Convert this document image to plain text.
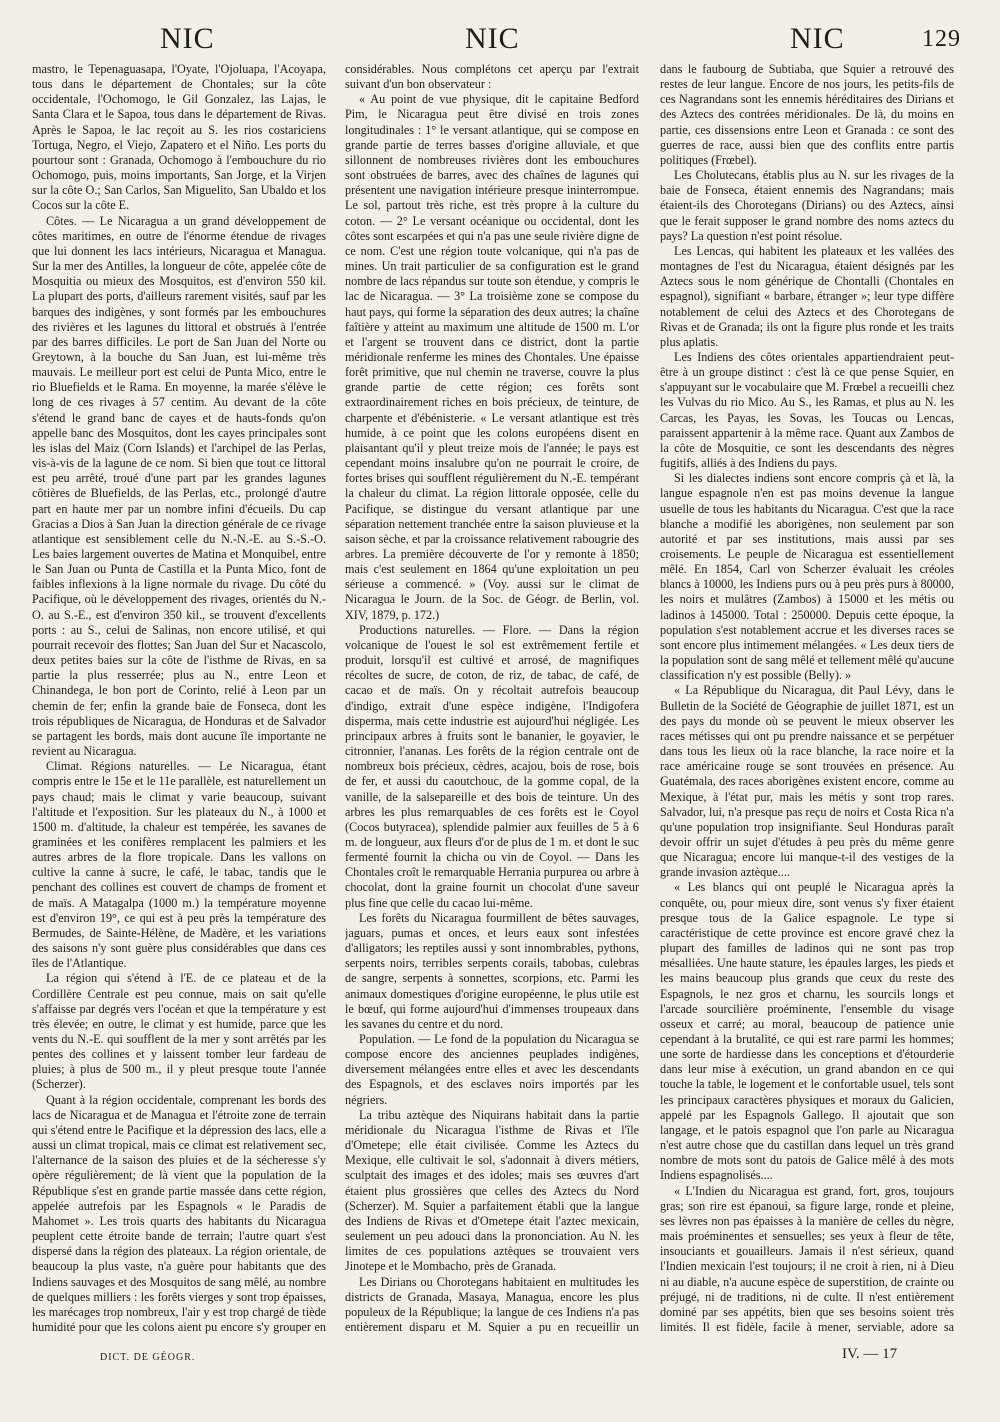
NIC	NIC	NIC	129

mastro, le Tepenaguasapa, l'Oyate, l'Ojoluapa, l'Acoyapa, tous dans le département de Chontales; sur la côte occidentale, l'Ochomogo, le Gil Gonzalez, las Lajas, le Santa Clara et le Sapoa, tous dans le département de Rivas. Après le Sapoa, le lac reçoit au S. les rios costariciens Tortuga, Negro, el Viejo, Zapatero et el Niño. Les ports du pourtour sont : Granada, Ochomogo à l'embouchure du rio Ochomogo, puis, moins importants, San Jorge, et la Virjen sur la côte O.; San Carlos, San Miguelito, San Ubaldo et los Cocos sur la côte E.

Côtes. — Le Nicaragua a un grand développement de côtes maritimes, en outre de l'énorme étendue de rivages que lui donnent les lacs intérieurs, Nicaragua et Managua. Sur la mer des Antilles, la longueur de côte, appelée côte de Mosquitia ou mieux des Mosquitos, est d'environ 550 kil. La plupart des ports, d'ailleurs rarement visités, sauf par les barques des indigènes, y sont formés par les embouchures des rivières et les lagunes du littoral et obstrués à l'entrée par des barres difficiles. Le port de San Juan del Norte ou Greytown, à la bouche du San Juan, est lui-même très mauvais. Le meilleur port est celui de Punta Mico, entre le rio Bluefields et le Rama. En moyenne, la marée s'élève le long de ces rivages à 57 centim. Au devant de la côte s'étend le grand banc de cayes et de hauts-fonds qu'on appelle banc des Mosquitos, dont les cayes principales sont les islas del Maiz (Corn Islands) et l'archipel de las Perlas, vis-à-vis de la lagune de ce nom. Si bien que tout ce littoral est peu arrêté, troué d'une part par les grandes lagunes côtières de Bluefields, de las Perlas, etc., prolongé d'autre part en haute mer par un nombre infini d'écueils. Du cap Gracias a Dios à San Juan la direction générale de ce rivage atlantique est sensiblement celle du N.-N.-E. au S.-S.-O. Les baies largement ouvertes de Matina et Monquibel, entre le San Juan ou Punta de Castilla et la Punta Mico, font de faibles inflexions à la ligne normale du rivage. Du côté du Pacifique, où le développement des rivages, orientés du N.-O. au S.-E., est d'environ 350 kil., se trouvent d'excellents ports : au S., celui de Salinas, non encore utilisé, et qui pourrait recevoir des flottes; San Juan del Sur et Nacascolo, deux petites baies sur la côte de l'isthme de Rivas, en sa partie la plus resserrée; plus au N., entre Leon et Chinandega, le bon port de Corinto, relié à Leon par un chemin de fer; enfin la grande baie de Fonseca, dont les trois républiques de Nicaragua, de Honduras et de Salvador se partagent les bords, mais dont aucune île importante ne revient au Nicaragua.

Climat. Régions naturelles. — Le Nicaragua, étant compris entre le 15e et le 11e parallèle, est naturellement un pays chaud; mais le climat y varie beaucoup, suivant l'altitude et l'exposition. Sur les plateaux du N., à 1000 et 1500 m. d'altitude, la chaleur est tempérée, les savanes de graminées et les conifères remplacent les palmiers et les autres arbres de la flore tropicale. Dans les vallons on cultive la canne à sucre, le café, le tabac, tandis que le penchant des collines est couvert de champs de froment et de maïs. A Matagalpa (1000 m.) la température moyenne est d'environ 19°, ce qui est à peu près la température des Bermudes, de Sainte-Hélène, de Madère, et les variations des saisons n'y sont guère plus considérables que dans ces îles de l'Atlantique.

La région qui s'étend à l'E. de ce plateau et de la Cordillère Centrale est peu connue, mais on sait qu'elle s'affaisse par degrés vers l'océan et que la température y est très élevée; en outre, le climat y est humide, parce que les vents du N.-E. qui soufflent de la mer y sont arrêtés par les pentes des collines et y laissent tomber leur fardeau de pluies; à plus de 500 m., il y pleut presque toute l'année (Scherzer).

Quant à la région occidentale, comprenant les bords des lacs de Nicaragua et de Managua et l'étroite zone de terrain qui s'étend entre le Pacifique et la dépression des lacs, elle a aussi un climat tropical, mais ce climat est relativement sec, l'alternance de la saison des pluies et de la sécheresse s'y opère régulièrement; de là vient que la population de la République s'est en grande partie massée dans cette région, appelée autrefois par les Espagnols « le Paradis de Mahomet ». Les trois quarts des habitants du Nicaragua peuplent cette étroite bande de terrain; l'autre quart s'est dispersé dans la région des plateaux. La région orientale, de beaucoup la plus vaste, n'a guère pour habitants que des Indiens sauvages et des Mosquitos de sang mêlé, au nombre de quelques milliers : les forêts vierges y sont trop épaisses, les marécages trop nombreux, l'air y est trop chargé de tiède humidité pour que les colons aient pu encore s'y grouper en

considérables. Nous complétons cet aperçu par l'extrait suivant d'un bon observateur :

« Au point de vue physique, dit le capitaine Bedford Pim, le Nicaragua peut être divisé en trois zones longitudinales : 1° le versant atlantique, qui se compose en grande partie de terres basses d'origine alluviale, et que sillonnent de nombreuses rivières dont les embouchures sont obstruées de barres, avec des chaînes de lagunes qui présentent une navigation intérieure presque ininterrompue. Le sol, partout très riche, est très propre à la culture du coton. — 2° Le versant océanique ou occidental, dont les côtes sont escarpées et qui n'a pas une seule rivière digne de ce nom. C'est une région toute volcanique, qui n'a pas de mines. Un trait particulier de sa configuration est le grand nombre de lacs répandus sur toute son étendue, y compris le lac de Nicaragua. — 3° La troisième zone se compose du haut pays, qui forme la séparation des deux autres; la chaîne faîtière y atteint au maximum une altitude de 1500 m. L'or et l'argent se trouvent dans ce district, dont la partie méridionale renferme les mines des Chontales. Une épaisse forêt primitive, que nul chemin ne traverse, couvre la plus grande partie de cette région; ces forêts sont extraordinairement riches en bois précieux, de teinture, de charpente et d'ébénisterie. « Le versant atlantique est très humide, à ce point que les colons européens disent en plaisantant qu'il y pleut treize mois de l'année; le pays est cependant moins insalubre qu'on ne pourrait le croire, de fortes brises qui soufflent régulièrement du N.-E. tempérant la chaleur du climat. La région littorale opposée, celle du Pacifique, se distingue du versant atlantique par une séparation nettement tranchée entre la saison pluvieuse et la saison sèche, et par la croissance relativement rabougrie des arbres. La première découverte de l'or y remonte à 1850; mais c'est seulement en 1864 qu'une exploitation un peu sérieuse a commencé. » (Voy. aussi sur le climat de Nicaragua le Journ. de la Soc. de Géogr. de Berlin, vol. XIV, 1879, p. 172.)

Productions naturelles. — Flore. — Dans la région volcanique de l'ouest le sol est extrêmement fertile et produit, lorsqu'il est cultivé et arrosé, de magnifiques récoltes de sucre, de coton, de riz, de tabac, de café, de cacao et de maïs. On y récoltait autrefois beaucoup d'indigo, extrait d'une espèce indigène, l'Indigofera disperma, mais cette industrie est aujourd'hui négligée. Les principaux arbres à fruits sont le bananier, le goyavier, le citronnier, l'ananas. Les forêts de la région centrale ont de nombreux bois précieux, cèdres, acajou, bois de rose, bois de fer, et aussi du caoutchouc, de la gomme copal, de la vanille, de la salsepareille et des bois de teinture. Un des arbres les plus remarquables de ces forêts est le Coyol (Cocos butyracea), splendide palmier aux feuilles de 5 à 6 m. de longueur, aux fleurs d'or de plus de 1 m. et dont le suc fermenté fournit la chicha ou vin de Coyol. — Dans les Chontales croît le remarquable Herrania purpurea ou arbre à chocolat, dont la graine fournit un chocolat d'une saveur plus fine que celle du cacao lui-même.

Les forêts du Nicaragua fourmillent de bêtes sauvages, jaguars, pumas et onces, et leurs eaux sont infestées d'alligators; les reptiles aussi y sont innombrables, pythons, serpents noirs, terribles serpents corails, tabobas, culebras de sangre, serpents à sonnettes, scorpions, etc. Parmi les animaux domestiques d'origine européenne, le plus utile est le bœuf, qui forme aujourd'hui d'immenses troupeaux dans les savanes du centre et du nord.

Population. — Le fond de la population du Nicaragua se compose encore des anciennes peuplades indigènes, diversement mélangées entre elles et avec les descendants des Espagnols, et des esclaves noirs importés par les négriers.

La tribu aztèque des Niquirans habitait dans la partie méridionale du Nicaragua l'isthme de Rivas et l'île d'Ometepe; elle était civilisée. Comme les Aztecs du Mexique, elle cultivait le sol, s'adonnait à divers métiers, sculptait des images et des idoles; mais ses œuvres d'art étaient plus grossières que celles des Aztecs du Nord (Scherzer). M. Squier a parfaitement établi que la langue des Indiens de Rivas et d'Ometepe était l'aztec mexicain, seulement un peu adouci dans la prononciation. Au N. les limites de ces populations aztèques se trouvaient vers Jinotepe et le Mombacho, près de Granada.

Les Dirians ou Chorotegans habitaient en multitudes les districts de Granada, Masaya, Managua, encore les plus populeux de la République; la langue de ces Indiens n'a pas entièrement disparu et M. Squier a pu en recueillir un

dans le faubourg de Subtiaba, que Squier a retrouvé des restes de leur langue. Encore de nos jours, les petits-fils de ces Nagrandans sont les ennemis héréditaires des Dirians et des Aztecs des contrées méridionales. De là, du moins en partie, ces dissensions entre Leon et Granada : ce sont des guerres de race, aussi bien que des conflits entre partis politiques (Frœbel).

Les Cholutecans, établis plus au N. sur les rivages de la baie de Fonseca, étaient ennemis des Nagrandans; mais étaient-ils des Chorotegans (Dirians) ou des Aztecs, ainsi que le ferait supposer le grand nombre des noms aztecs du pays? La question n'est point résolue.

Les Lencas, qui habitent les plateaux et les vallées des montagnes de l'est du Nicaragua, étaient désignés par les Aztecs sous le nom générique de Chontalli (Chontales en espagnol), signifiant « barbare, étranger »; leur type diffère notablement de celui des Aztecs et des Chorotegans de Rivas et de Granada; ils ont la figure plus ronde et les traits plus aplatis.

Les Indiens des côtes orientales appartiendraient peut-être à un groupe distinct : c'est là ce que pense Squier, en s'appuyant sur le vocabulaire que M. Frœbel a recueilli chez les Vulvas du rio Mico. Au S., les Ramas, et plus au N. les Carcas, les Payas, les Sovas, les Toucas ou Lencas, paraissent appartenir à la même race. Quant aux Zambos de la côte de Mosquitie, ce sont les descendants des nègres fugitifs, alliés à des Indiens du pays.

Si les dialectes indiens sont encore compris çà et là, la langue espagnole n'en est pas moins devenue la langue usuelle de tous les habitants du Nicaragua. C'est que la race blanche a modifié les aborigènes, non seulement par son autorité et par ses institutions, mais aussi par ses croisements. Le peuple de Nicaragua est essentiellement mêlé. En 1854, Carl von Scherzer évaluait les créoles blancs à 10000, les Indiens purs ou à peu près purs à 80000, les noirs et mulâtres (Zambos) à 15000 et les métis ou ladinos à 145000. Total : 250000. Depuis cette époque, la population s'est notablement accrue et les diverses races se sont encore plus intimement mélangées. « Les deux tiers de la population sont de sang mêlé et tellement mêlé qu'aucune classification n'y est possible (Belly). »

« La République du Nicaragua, dit Paul Lévy, dans le Bulletin de la Société de Géographie de juillet 1871, est un des pays du monde où se peuvent le mieux observer les races métisses qui ont pu prendre naissance et se perpétuer dans tous les lieux où la race blanche, la race noire et la race américaine rouge se sont trouvées en présence. Au Guatémala, des races aborigènes existent encore, comme au Mexique, à l'état pur, mais les métis y sont trop rares. Salvador, lui, n'a presque pas reçu de noirs et Costa Rica n'a qu'une population trop insignifiante. Seul Honduras paraît devoir offrir un sujet d'études à peu près du même genre que Nicaragua; encore lui manque-t-il des vestiges de la grande invasion aztèque....

« Les blancs qui ont peuplé le Nicaragua après la conquête, ou, pour mieux dire, sont venus s'y fixer étaient presque tous de la Galice espagnole. Le type si caractéristique de cette province est encore gravé chez la plupart des familles de ladinos qui ne sont pas trop mésalliées. Une haute stature, les épaules larges, les pieds et les mains beaucoup plus grands que ceux du reste des Espagnols, le nez gros et charnu, les sourcils longs et l'arcade sourcilière proéminente, l'ensemble du visage osseux et carré; au moral, beaucoup de patience unie cependant à la brutalité, ce qui est rare parmi les hommes; une sorte de hardiesse dans les conceptions et d'étourderie dans leur mise à exécution, un grand abandon en ce qui touche la table, le logement et le confortable usuel, tels sont les principaux caractères physiques et moraux du Galicien, appelé par les Espagnols Gallego. Il ajoutait que son langage, et le patois espagnol que l'on parle au Nicaragua n'est autre chose que du castillan dans lequel un très grand nombre de mots sont du patois de Galice mêlé à des mots Indiens espagnolisés....

« L'Indien du Nicaragua est grand, fort, gros, toujours gras; son rire est épanoui, sa figure large, ronde et pleine, ses lèvres non pas épaisses à la manière de celles du nègre, mais proéminentes et sensuelles; ses yeux à fleur de tête, insouciants et gouailleurs. Jamais il n'est sérieux, quand l'Indien mexicain l'est toujours; il ne croit à rien, ni à Dieu ni au diable, n'a aucune espèce de superstition, de crainte ou préjugé, ni de traditions, ni de culte. Il n'est entièrement dominé par ses appétits, bien que ses besoins soient très limités. Il est fidèle, facile à mener, serviable, adore sa

DICT. DE GÉOGR.	IV. — 17
